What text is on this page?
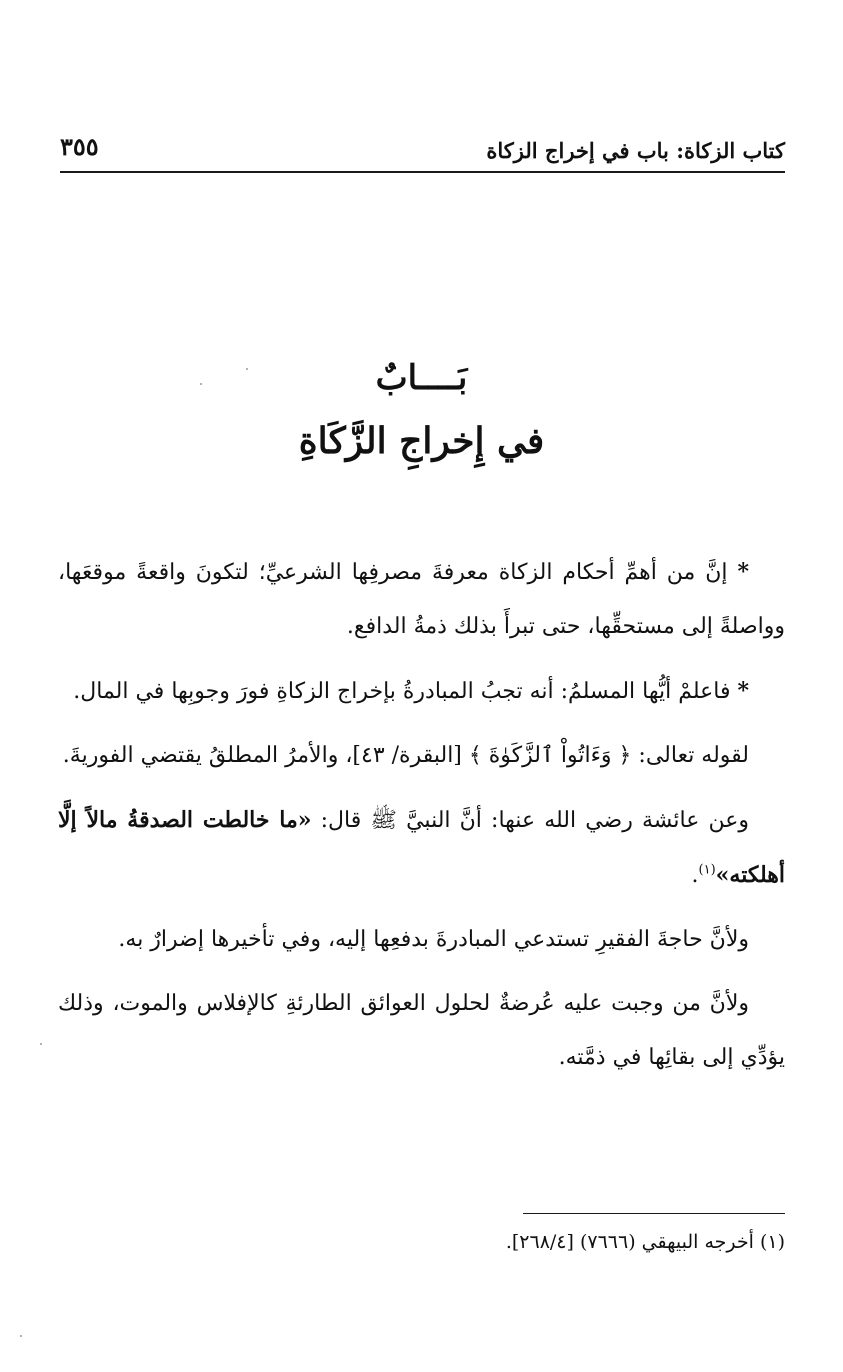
كتاب الزكاة: باب في إخراج الزكاة
٣٥٥
بَــــابٌ
في إِخراجِ الزَّكَاةِ

* إنَّ من أهمِّ أحكام الزكاة معرفةَ مصرفِها الشرعيِّ؛ لتكونَ واقعةً موقعَها، وواصلةً إلى مستحقِّها، حتى تبرأَ بذلك ذمةُ الدافع.

* فاعلمْ أيُّها المسلمُ: أنه تجبُ المبادرةُ بإخراج الزكاةِ فورَ وجوبِها في المال.

لقوله تعالى: ﴿ وَءَاتُواْ ٱلزَّكَوٰةَ ﴾ [البقرة/ ٤٣]، والأمرُ المطلقُ يقتضي الفوريةَ.

وعن عائشة رضي الله عنها: أنَّ النبيَّ ﷺ قال: «ما خالطت الصدقةُ مالاً إلَّا أهلكته»$^{(١)}$.

ولأنَّ حاجةَ الفقيرِ تستدعي المبادرةَ بدفعِها إليه، وفي تأخيرها إضرارٌ به.

ولأنَّ من وجبت عليه عُرضةٌ لحلول العوائق الطارئةِ كالإفلاس والموت، وذلك يؤدِّي إلى بقائِها في ذمَّته.

(١) أخرجه البيهقي (٧٦٦٦) [٢٦٨/٤].
